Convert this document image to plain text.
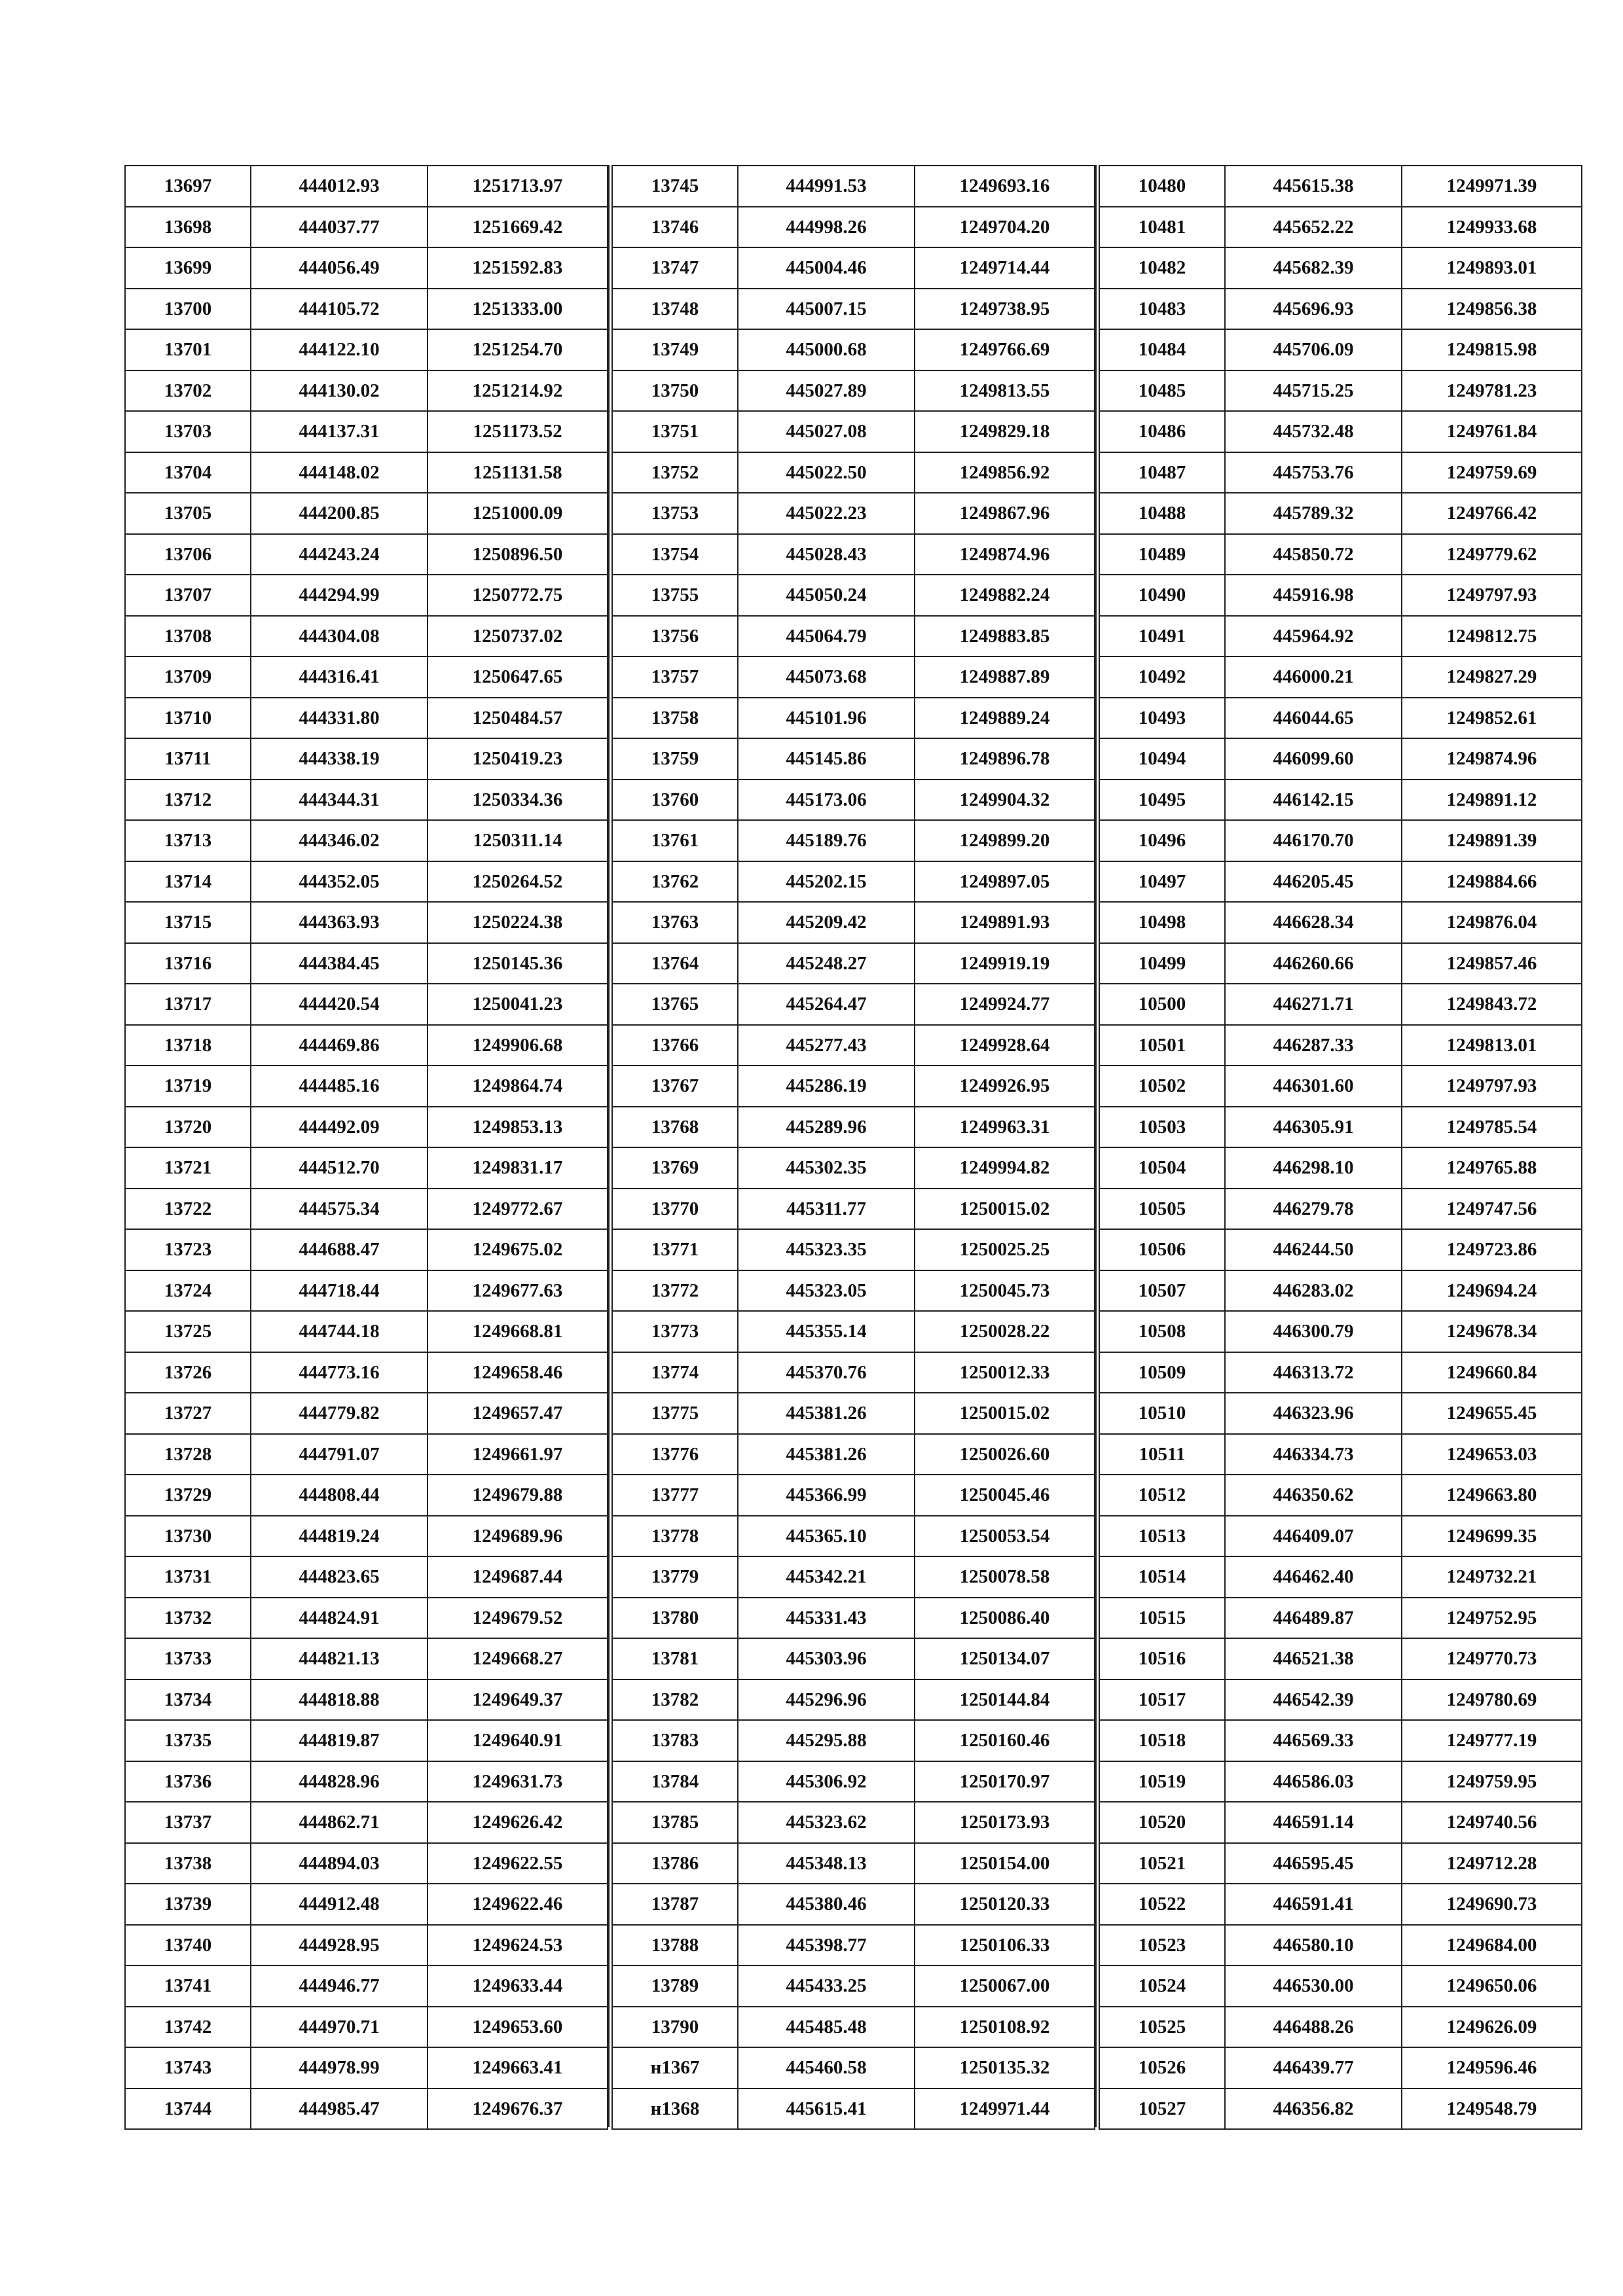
13697	444012.93	1251713.97
13698	444037.77	1251669.42
13699	444056.49	1251592.83
13700	444105.72	1251333.00
13701	444122.10	1251254.70
13702	444130.02	1251214.92
13703	444137.31	1251173.52
13704	444148.02	1251131.58
13705	444200.85	1251000.09
13706	444243.24	1250896.50
13707	444294.99	1250772.75
13708	444304.08	1250737.02
13709	444316.41	1250647.65
13710	444331.80	1250484.57
13711	444338.19	1250419.23
13712	444344.31	1250334.36
13713	444346.02	1250311.14
13714	444352.05	1250264.52
13715	444363.93	1250224.38
13716	444384.45	1250145.36
13717	444420.54	1250041.23
13718	444469.86	1249906.68
13719	444485.16	1249864.74
13720	444492.09	1249853.13
13721	444512.70	1249831.17
13722	444575.34	1249772.67
13723	444688.47	1249675.02
13724	444718.44	1249677.63
13725	444744.18	1249668.81
13726	444773.16	1249658.46
13727	444779.82	1249657.47
13728	444791.07	1249661.97
13729	444808.44	1249679.88
13730	444819.24	1249689.96
13731	444823.65	1249687.44
13732	444824.91	1249679.52
13733	444821.13	1249668.27
13734	444818.88	1249649.37
13735	444819.87	1249640.91
13736	444828.96	1249631.73
13737	444862.71	1249626.42
13738	444894.03	1249622.55
13739	444912.48	1249622.46
13740	444928.95	1249624.53
13741	444946.77	1249633.44
13742	444970.71	1249653.60
13743	444978.99	1249663.41
13744	444985.47	1249676.37
13745	444991.53	1249693.16
13746	444998.26	1249704.20
13747	445004.46	1249714.44
13748	445007.15	1249738.95
13749	445000.68	1249766.69
13750	445027.89	1249813.55
13751	445027.08	1249829.18
13752	445022.50	1249856.92
13753	445022.23	1249867.96
13754	445028.43	1249874.96
13755	445050.24	1249882.24
13756	445064.79	1249883.85
13757	445073.68	1249887.89
13758	445101.96	1249889.24
13759	445145.86	1249896.78
13760	445173.06	1249904.32
13761	445189.76	1249899.20
13762	445202.15	1249897.05
13763	445209.42	1249891.93
13764	445248.27	1249919.19
13765	445264.47	1249924.77
13766	445277.43	1249928.64
13767	445286.19	1249926.95
13768	445289.96	1249963.31
13769	445302.35	1249994.82
13770	445311.77	1250015.02
13771	445323.35	1250025.25
13772	445323.05	1250045.73
13773	445355.14	1250028.22
13774	445370.76	1250012.33
13775	445381.26	1250015.02
13776	445381.26	1250026.60
13777	445366.99	1250045.46
13778	445365.10	1250053.54
13779	445342.21	1250078.58
13780	445331.43	1250086.40
13781	445303.96	1250134.07
13782	445296.96	1250144.84
13783	445295.88	1250160.46
13784	445306.92	1250170.97
13785	445323.62	1250173.93
13786	445348.13	1250154.00
13787	445380.46	1250120.33
13788	445398.77	1250106.33
13789	445433.25	1250067.00
13790	445485.48	1250108.92
н1367	445460.58	1250135.32
н1368	445615.41	1249971.44
10480	445615.38	1249971.39
10481	445652.22	1249933.68
10482	445682.39	1249893.01
10483	445696.93	1249856.38
10484	445706.09	1249815.98
10485	445715.25	1249781.23
10486	445732.48	1249761.84
10487	445753.76	1249759.69
10488	445789.32	1249766.42
10489	445850.72	1249779.62
10490	445916.98	1249797.93
10491	445964.92	1249812.75
10492	446000.21	1249827.29
10493	446044.65	1249852.61
10494	446099.60	1249874.96
10495	446142.15	1249891.12
10496	446170.70	1249891.39
10497	446205.45	1249884.66
10498	446628.34	1249876.04
10499	446260.66	1249857.46
10500	446271.71	1249843.72
10501	446287.33	1249813.01
10502	446301.60	1249797.93
10503	446305.91	1249785.54
10504	446298.10	1249765.88
10505	446279.78	1249747.56
10506	446244.50	1249723.86
10507	446283.02	1249694.24
10508	446300.79	1249678.34
10509	446313.72	1249660.84
10510	446323.96	1249655.45
10511	446334.73	1249653.03
10512	446350.62	1249663.80
10513	446409.07	1249699.35
10514	446462.40	1249732.21
10515	446489.87	1249752.95
10516	446521.38	1249770.73
10517	446542.39	1249780.69
10518	446569.33	1249777.19
10519	446586.03	1249759.95
10520	446591.14	1249740.56
10521	446595.45	1249712.28
10522	446591.41	1249690.73
10523	446580.10	1249684.00
10524	446530.00	1249650.06
10525	446488.26	1249626.09
10526	446439.77	1249596.46
10527	446356.82	1249548.79
